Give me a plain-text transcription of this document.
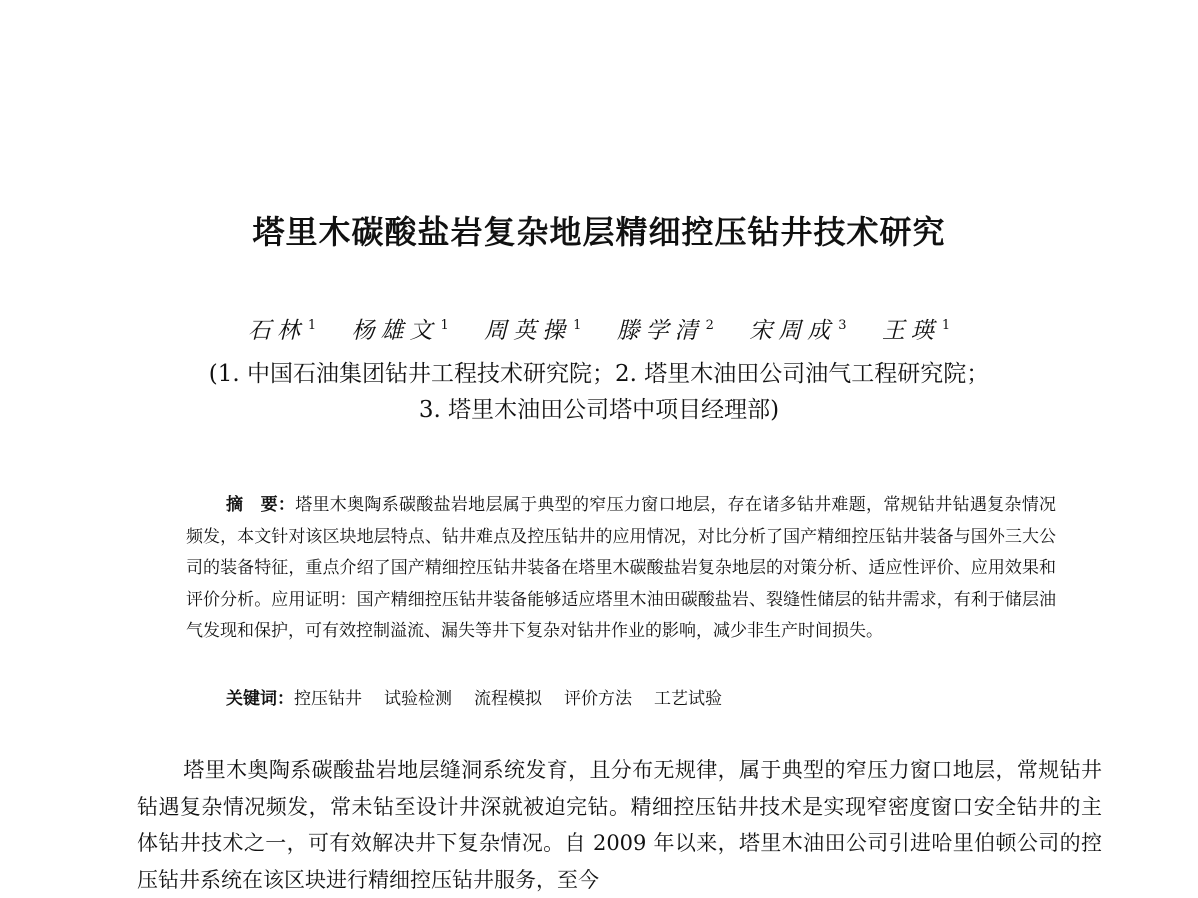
塔里木碳酸盐岩复杂地层精细控压钻井技术研究
石林 $^1$ 杨雄文 $^1$ 周英操 $^1$ 滕学清 $^2$ 宋周成 $^3$ 王瑛 $^1$
(1. 中国石油集团钻井工程技术研究院；2. 塔里木油田公司油气工程研究院；
3. 塔里木油田公司塔中项目经理部)
摘　要：塔里木奥陶系碳酸盐岩地层属于典型的窄压力窗口地层，存在诸多钻井难题，常规钻井钻遇复杂情况频发，本文针对该区块地层特点、钻井难点及控压钻井的应用情况，对比分析了国产精细控压钻井装备与国外三大公司的装备特征，重点介绍了国产精细控压钻井装备在塔里木碳酸盐岩复杂地层的对策分析、适应性评价、应用效果和评价分析。应用证明：国产精细控压钻井装备能够适应塔里木油田碳酸盐岩、裂缝性储层的钻井需求，有利于储层油气发现和保护，可有效控制溢流、漏失等井下复杂对钻井作业的影响，减少非生产时间损失。
关键词：控压钻井 试验检测 流程模拟 评价方法 工艺试验
塔里木奥陶系碳酸盐岩地层缝洞系统发育，且分布无规律，属于典型的窄压力窗口地层，常规钻井钻遇复杂情况频发，常未钻至设计井深就被迫完钻。精细控压钻井技术是实现窄密度窗口安全钻井的主体钻井技术之一，可有效解决井下复杂情况。自 2009 年以来，塔里木油田公司引进哈里伯顿公司的控压钻井系统在该区块进行精细控压钻井服务，至今
